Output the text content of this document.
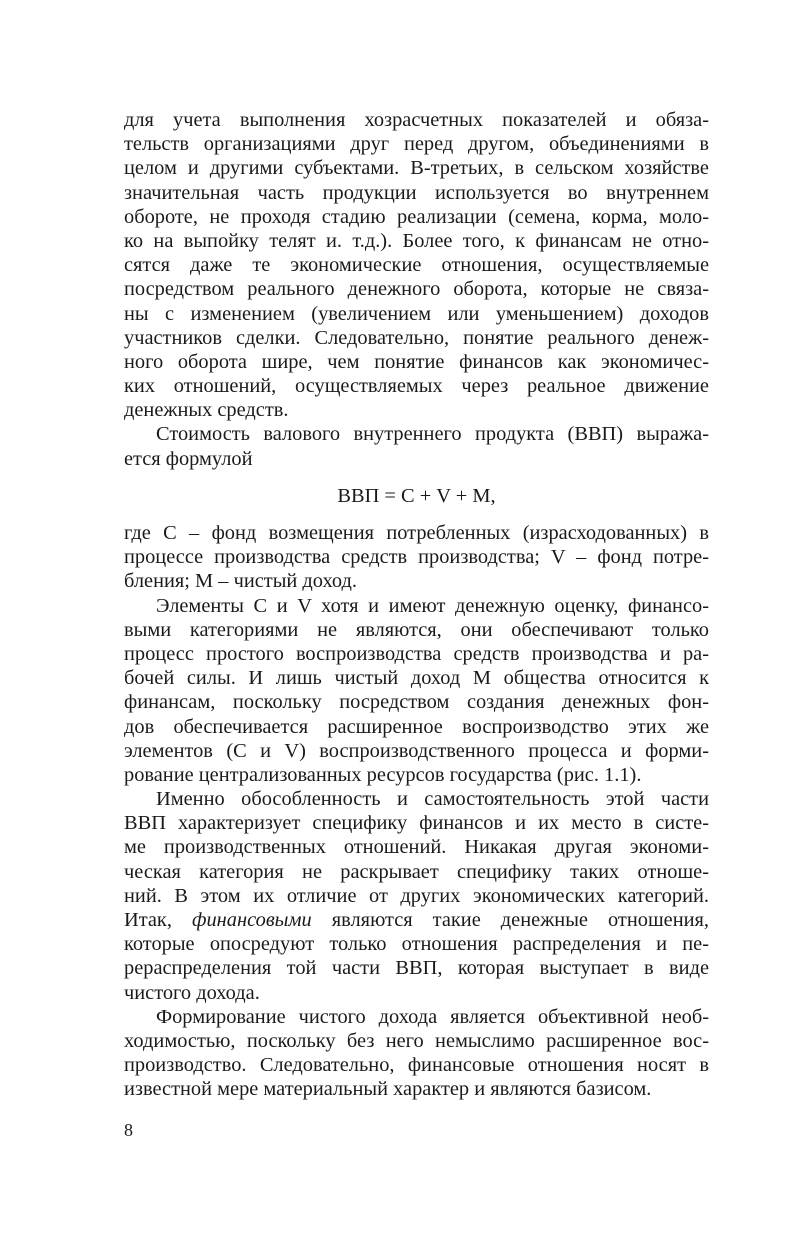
для учета выполнения хозрасчетных показателей и обяза-
тельств организациями друг перед другом, объединениями в
целом и другими субъектами. В-третьих, в сельском хозяйстве
значительная часть продукции используется во внутреннем
обороте, не проходя стадию реализации (семена, корма, моло-
ко на выпойку телят и. т.д.). Более того, к финансам не отно-
сятся даже те экономические отношения, осуществляемые
посредством реального денежного оборота, которые не связа-
ны с изменением (увеличением или уменьшением) доходов
участников сделки. Следовательно, понятие реального денеж-
ного оборота шире, чем понятие финансов как экономичес-
ких отношений, осуществляемых через реальное движение
денежных средств.
Стоимость валового внутреннего продукта (ВВП) выража-
ется формулой
ВВП = С + V + М,
где С – фонд возмещения потребленных (израсходованных) в
процессе производства средств производства; V – фонд потре-
бления; М – чистый доход.
Элементы С и V хотя и имеют денежную оценку, финансо-
выми категориями не являются, они обеспечивают только
процесс простого воспроизводства средств производства и ра-
бочей силы. И лишь чистый доход М общества относится к
финансам, поскольку посредством создания денежных фон-
дов обеспечивается расширенное воспроизводство этих же
элементов (С и V) воспроизводственного процесса и форми-
рование централизованных ресурсов государства (рис. 1.1).
Именно обособленность и самостоятельность этой части
ВВП характеризует специфику финансов и их место в систе-
ме производственных отношений. Никакая другая экономи-
ческая категория не раскрывает специфику таких отноше-
ний. В этом их отличие от других экономических категорий.
Итак, финансовыми являются такие денежные отношения,
которые опосредуют только отношения распределения и пе-
рераспределения той части ВВП, которая выступает в виде
чистого дохода.
Формирование чистого дохода является объективной необ-
ходимостью, поскольку без него немыслимо расширенное вос-
производство. Следовательно, финансовые отношения носят в
известной мере материальный характер и являются базисом.
8
